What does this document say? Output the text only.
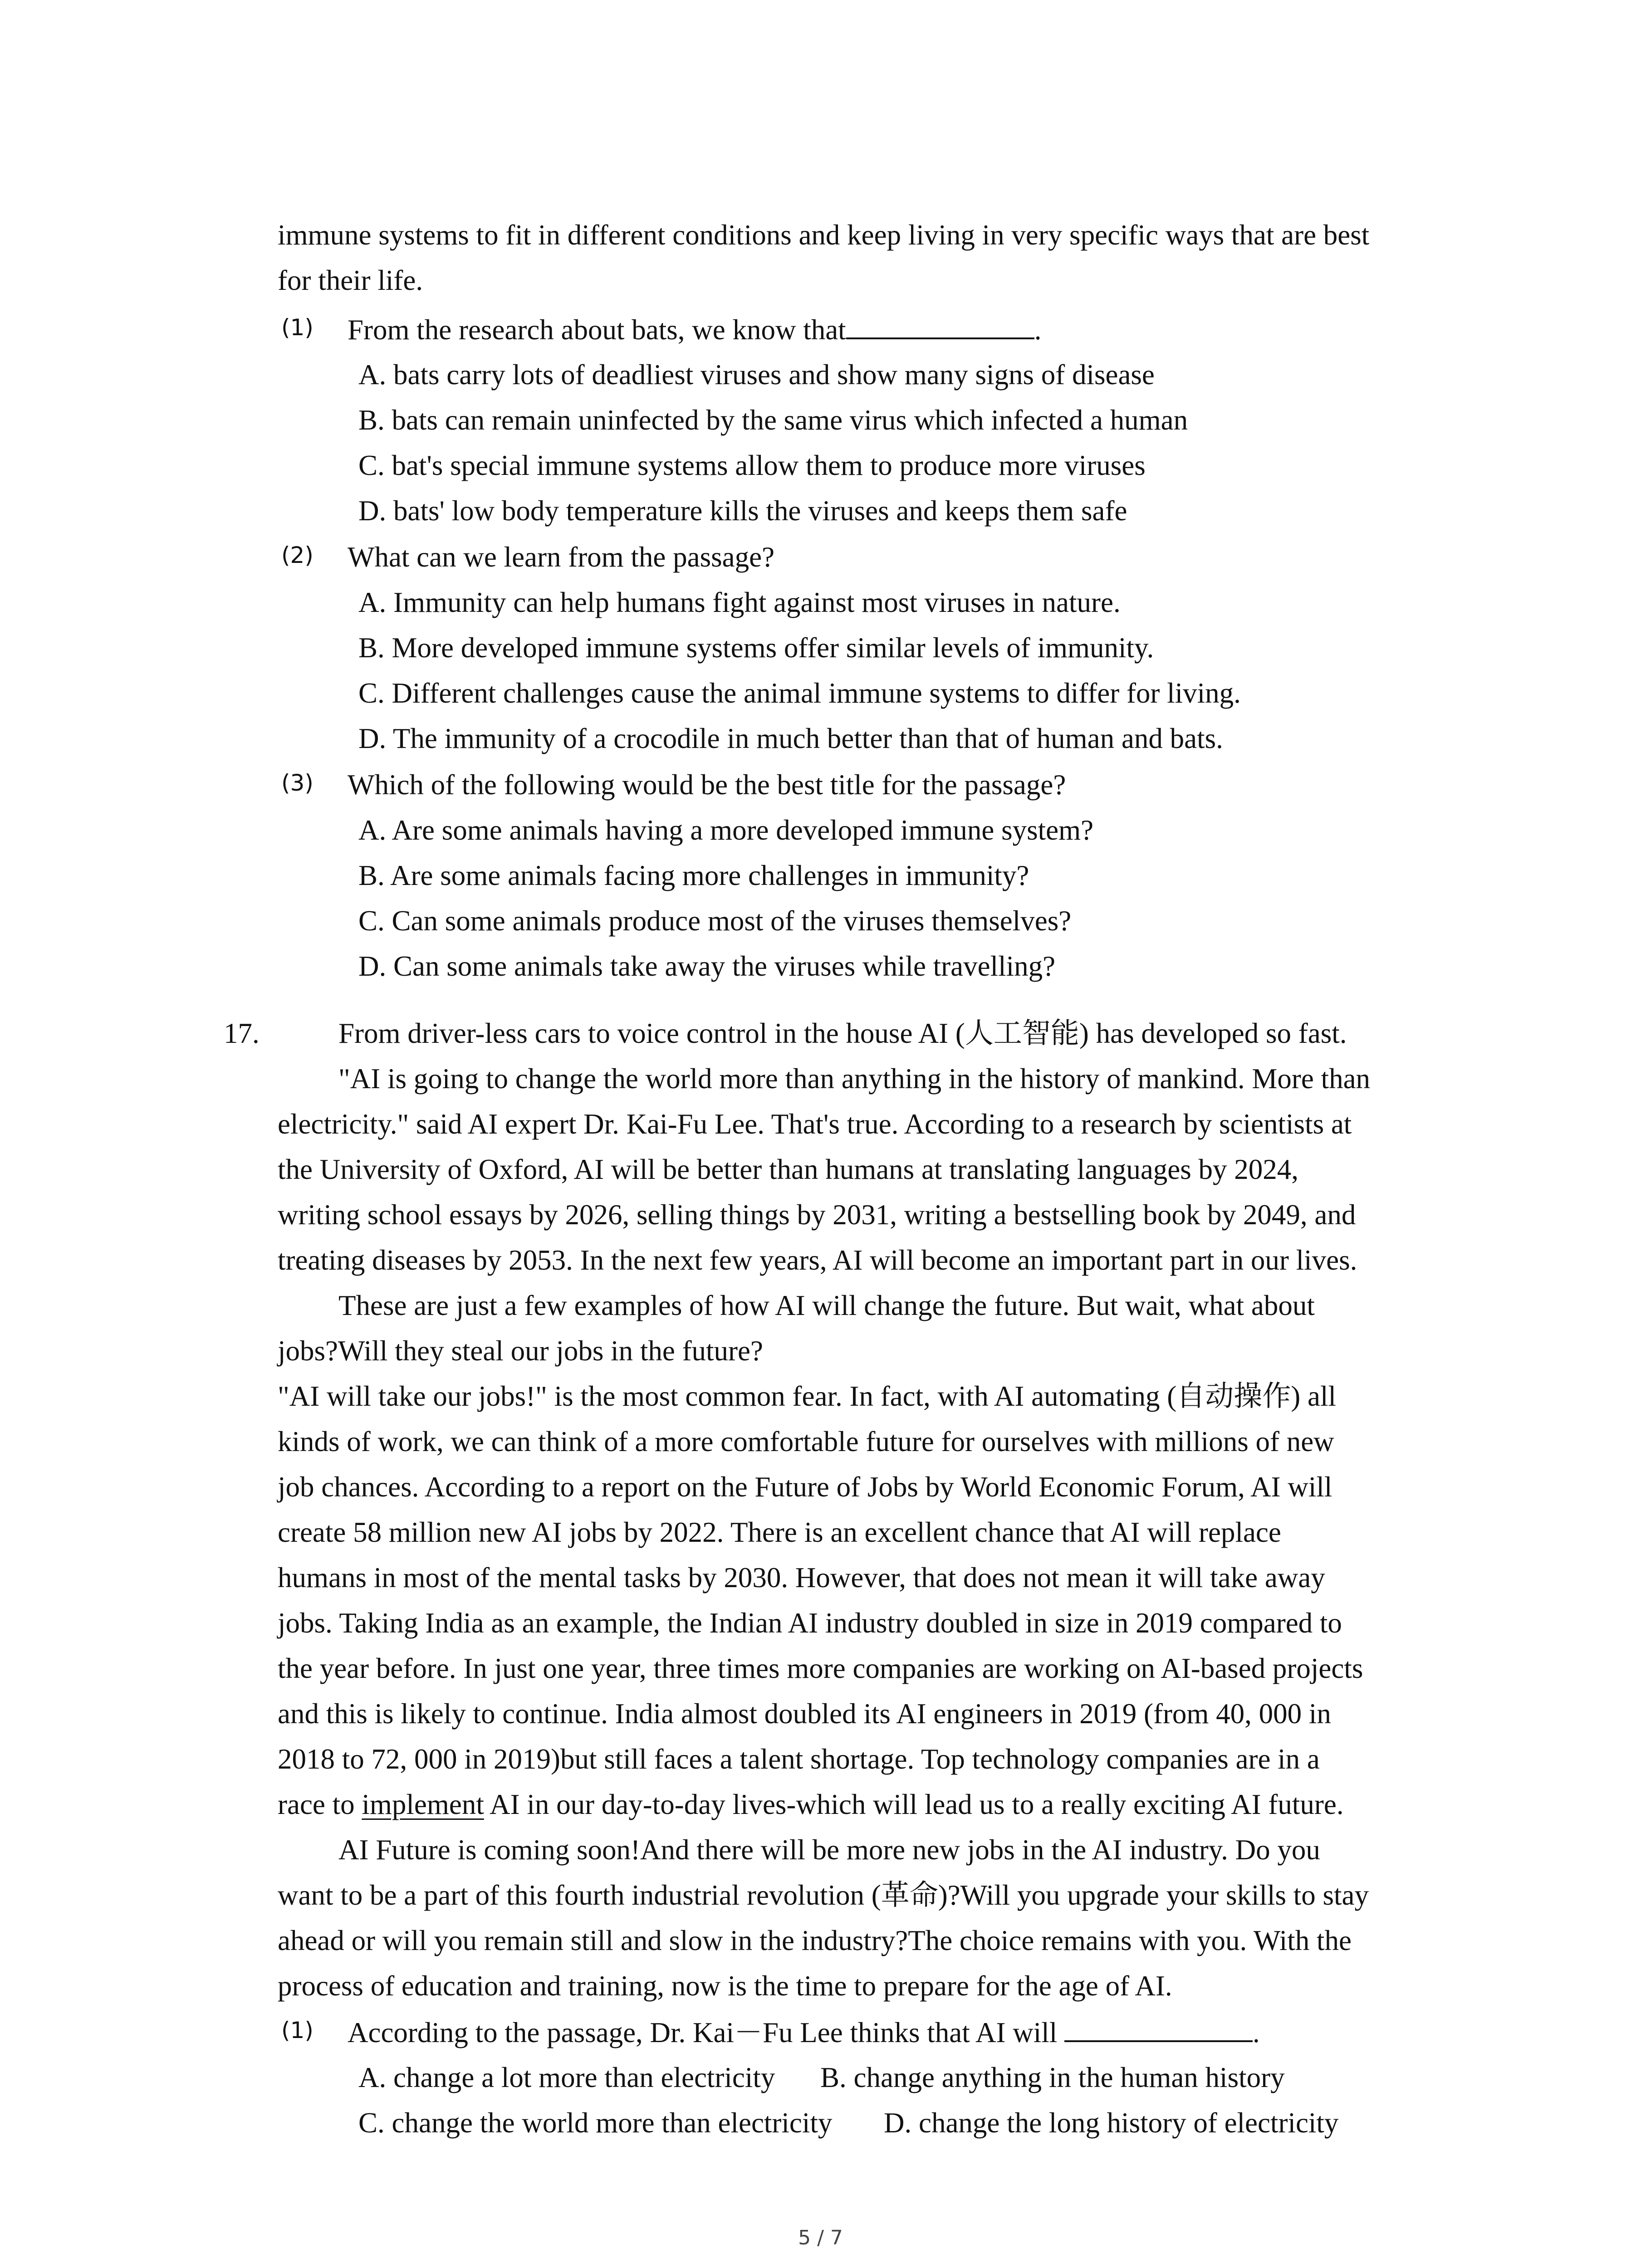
immune systems to fit in different conditions and keep living in very specific ways that are best
for their life.
(1) From the research about bats, we know that	.
A. bats carry lots of deadliest viruses and show many signs of disease
B. bats can remain uninfected by the same virus which infected a human
C. bat's special immune systems allow them to produce more viruses
D. bats' low body temperature kills the viruses and keeps them safe
(2) What can we learn from the passage?
A. Immunity can help humans fight against most viruses in nature.
B. More developed immune systems offer similar levels of immunity.
C. Different challenges cause the animal immune systems to differ for living.
D. The immunity of a crocodile in much better than that of human and bats.
(3) Which of the following would be the best title for the passage?
A. Are some animals having a more developed immune system?
B. Are some animals facing more challenges in immunity?
C. Can some animals produce most of the viruses themselves?
D. Can some animals take away the viruses while travelling?
17.	From driver-less cars to voice control in the house AI (人工智能) has developed so fast.
"AI is going to change the world more than anything in the history of mankind. More than
electricity." said AI expert Dr. Kai-Fu Lee. That's true. According to a research by scientists at
the University of Oxford, AI will be better than humans at translating languages by 2024,
writing school essays by 2026, selling things by 2031, writing a bestselling book by 2049, and
treating diseases by 2053. In the next few years, AI will become an important part in our lives.
These are just a few examples of how AI will change the future. But wait, what about
jobs?Will they steal our jobs in the future?
"AI will take our jobs!" is the most common fear. In fact, with AI automating (自动操作) all
kinds of work, we can think of a more comfortable future for ourselves with millions of new
job chances. According to a report on the Future of Jobs by World Economic Forum, AI will
create 58 million new AI jobs by 2022. There is an excellent chance that AI will replace
humans in most of the mental tasks by 2030. However, that does not mean it will take away
jobs. Taking India as an example, the Indian AI industry doubled in size in 2019 compared to
the year before. In just one year, three times more companies are working on AI-based projects
and this is likely to continue. India almost doubled its AI engineers in 2019 (from 40, 000 in
2018 to 72, 000 in 2019)but still faces a talent shortage. Top technology companies are in a
race to implement AI in our day-to-day lives-which will lead us to a really exciting AI future.
AI Future is coming soon!And there will be more new jobs in the AI industry. Do you
want to be a part of this fourth industrial revolution (革命)?Will you upgrade your skills to stay
ahead or will you remain still and slow in the industry?The choice remains with you. With the
process of education and training, now is the time to prepare for the age of AI.
(1) According to the passage, Dr. Kai－Fu Lee thinks that AI will	.
A. change a lot more than electricity B. change anything in the human history
C. change the world more than electricity D. change the long history of electricity
5 / 7
